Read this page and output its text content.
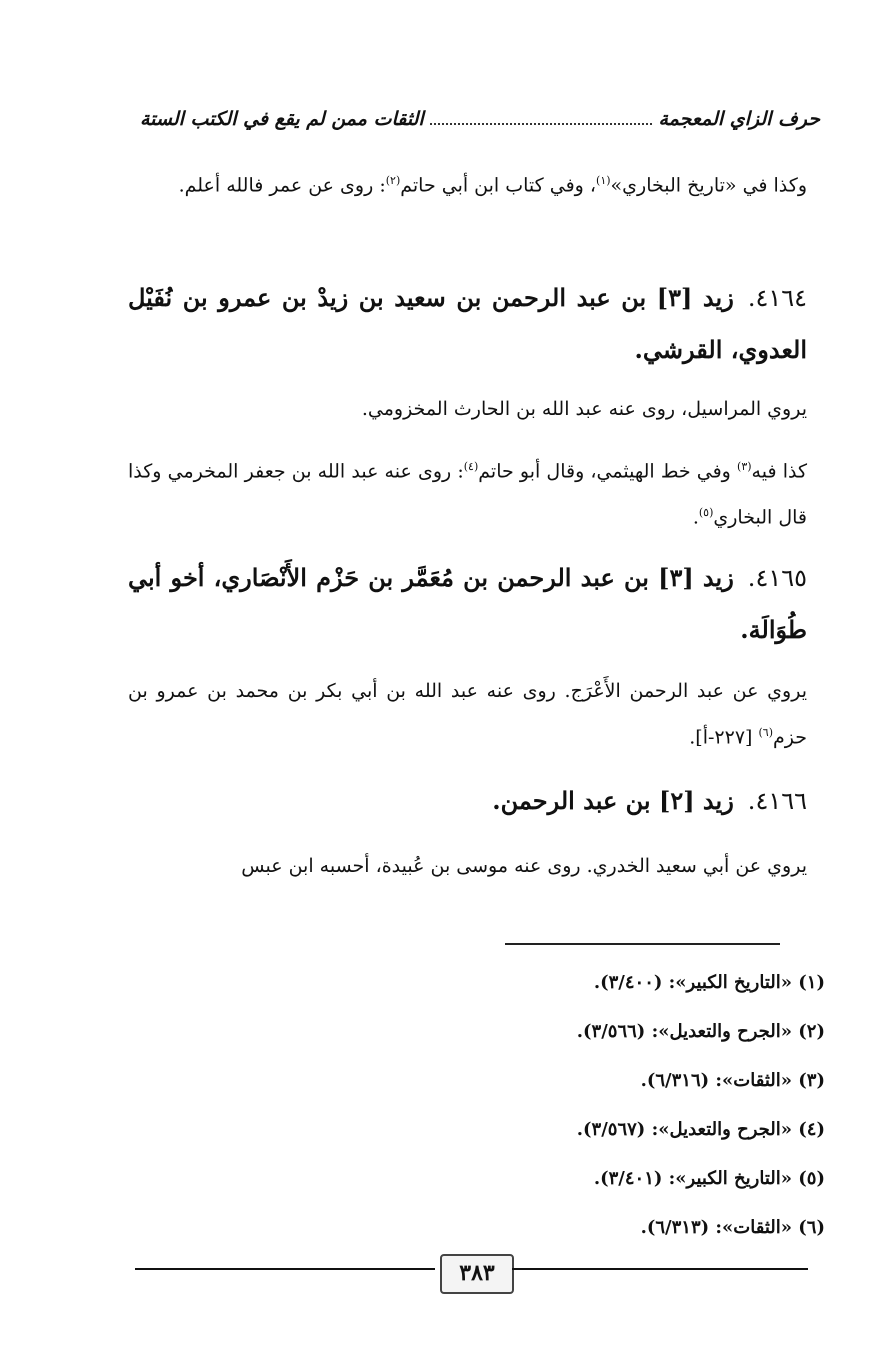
حرف الزاي المعجمة
الثقات ممن لم يقع في الكتب الستة
وكذا في «تاريخ البخاري»$^{(١)}$، وفي كتاب ابن أبي حاتم$^{(٢)}$: روى عن عمر فالله أعلم.
٤١٦٤.زيد [٣] بن عبد الرحمن بن سعيد بن زيدْ بن عمرو بن نُفَيْل العدوي، القرشي.
يروي المراسيل، روى عنه عبد الله بن الحارث المخزومي.
كذا فيه$^{(٣)}$ وفي خط الهيثمي، وقال أبو حاتم$^{(٤)}$: روى عنه عبد الله بن جعفر المخرمي وكذا قال البخاري$^{(٥)}$.
٤١٦٥.زيد [٣] بن عبد الرحمن بن مُعَمَّر بن حَزْم الأَنْصَاري، أخو أبي طُوَالَة.
يروي عن عبد الرحمن الأَعْرَج. روى عنه عبد الله بن أبي بكر بن محمد بن عمرو بن حزم$^{(٦)}$ [٢٢٧-أ].
٤١٦٦.زيد [٢] بن عبد الرحمن.
يروي عن أبي سعيد الخدري. روى عنه موسى بن عُبيدة، أحسبه ابن عبس
(١) «التاريخ الكبير»: (٣/٤٠٠).
(٢) «الجرح والتعديل»: (٣/٥٦٦).
(٣) «الثقات»: (٦/٣١٦).
(٤) «الجرح والتعديل»: (٣/٥٦٧).
(٥) «التاريخ الكبير»: (٣/٤٠١).
(٦) «الثقات»: (٦/٣١٣).
٣٨٣
